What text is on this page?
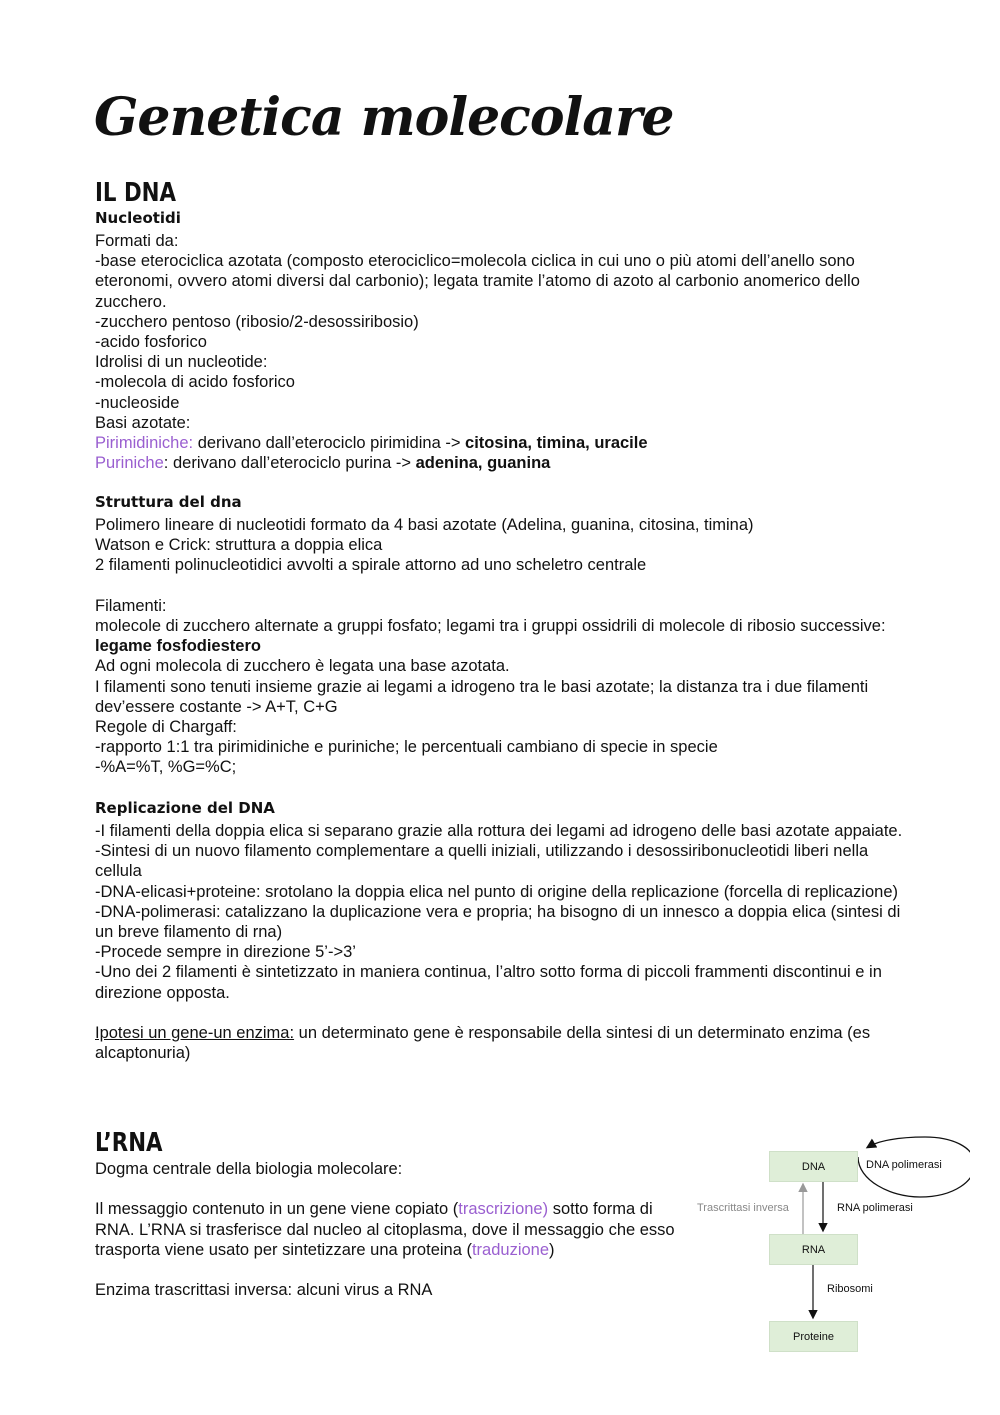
Genetica molecolare
IL DNA
Nucleotidi

Formati da:

-base eterociclica azotata (composto eterociclico=molecola ciclica in cui uno o più atomi dell’anello sono eteronomi, ovvero atomi diversi dal carbonio); legata tramite l’atomo di azoto al carbonio anomerico dello zucchero.

-zucchero pentoso (ribosio/2-desossiribosio)

-acido fosforico

Idrolisi di un nucleotide:

-molecola di acido fosforico

-nucleoside

Basi azotate:

Pirimidiniche: derivano dall’eterociclo pirimidina -> citosina, timina, uracile

Puriniche: derivano dall’eterociclo purina -> adenina, guanina

Struttura del dna

Polimero lineare di nucleotidi formato da 4 basi azotate (Adelina, guanina, citosina, timina)

Watson e Crick: struttura a doppia elica

2 filamenti polinucleotidici avvolti a spirale attorno ad uno scheletro centrale

Filamenti:

molecole di zucchero alternate a gruppi fosfato; legami tra i gruppi ossidrili di molecole di ribosio successive: legame fosfodiestero

Ad ogni molecola di zucchero è legata una base azotata.

I filamenti sono tenuti insieme grazie ai legami a idrogeno tra le basi azotate; la distanza tra i due filamenti dev’essere costante -> A+T, C+G

Regole di Chargaff:

-rapporto 1:1 tra pirimidiniche e puriniche; le percentuali cambiano di specie in specie

-%A=%T, %G=%C;

Replicazione del DNA

-I filamenti della doppia elica si separano grazie alla rottura dei legami ad idrogeno delle basi azotate appaiate.

-Sintesi di un nuovo filamento complementare a quelli iniziali, utilizzando i desossiribonucleotidi liberi nella cellula

-DNA-elicasi+proteine: srotolano la doppia elica nel punto di origine della replicazione (forcella di replicazione)

-DNA-polimerasi: catalizzano la duplicazione vera e propria; ha bisogno di un innesco a doppia elica (sintesi di un breve filamento di rna)

-Procede sempre in direzione 5’->3’

-Uno dei 2 filamenti è sintetizzato in maniera continua, l’altro sotto forma di piccoli frammenti discontinui e in direzione opposta.

Ipotesi un gene-un enzima: un determinato gene è responsabile della sintesi di un determinato enzima (es alcaptonuria)

L’RNA

Dogma centrale della biologia molecolare:

Il messaggio contenuto in un gene viene copiato (trascrizione) sotto forma di RNA. L’RNA si trasferisce dal nucleo al citoplasma, dove il messaggio che esso trasporta viene usato per sintetizzare una proteina (traduzione)

Enzima trascrittasi inversa: alcuni virus a RNA

DNA
RNA
Proteine
DNA polimerasi
Trascrittasi inversa	RNA polimerasi
Ribosomi
